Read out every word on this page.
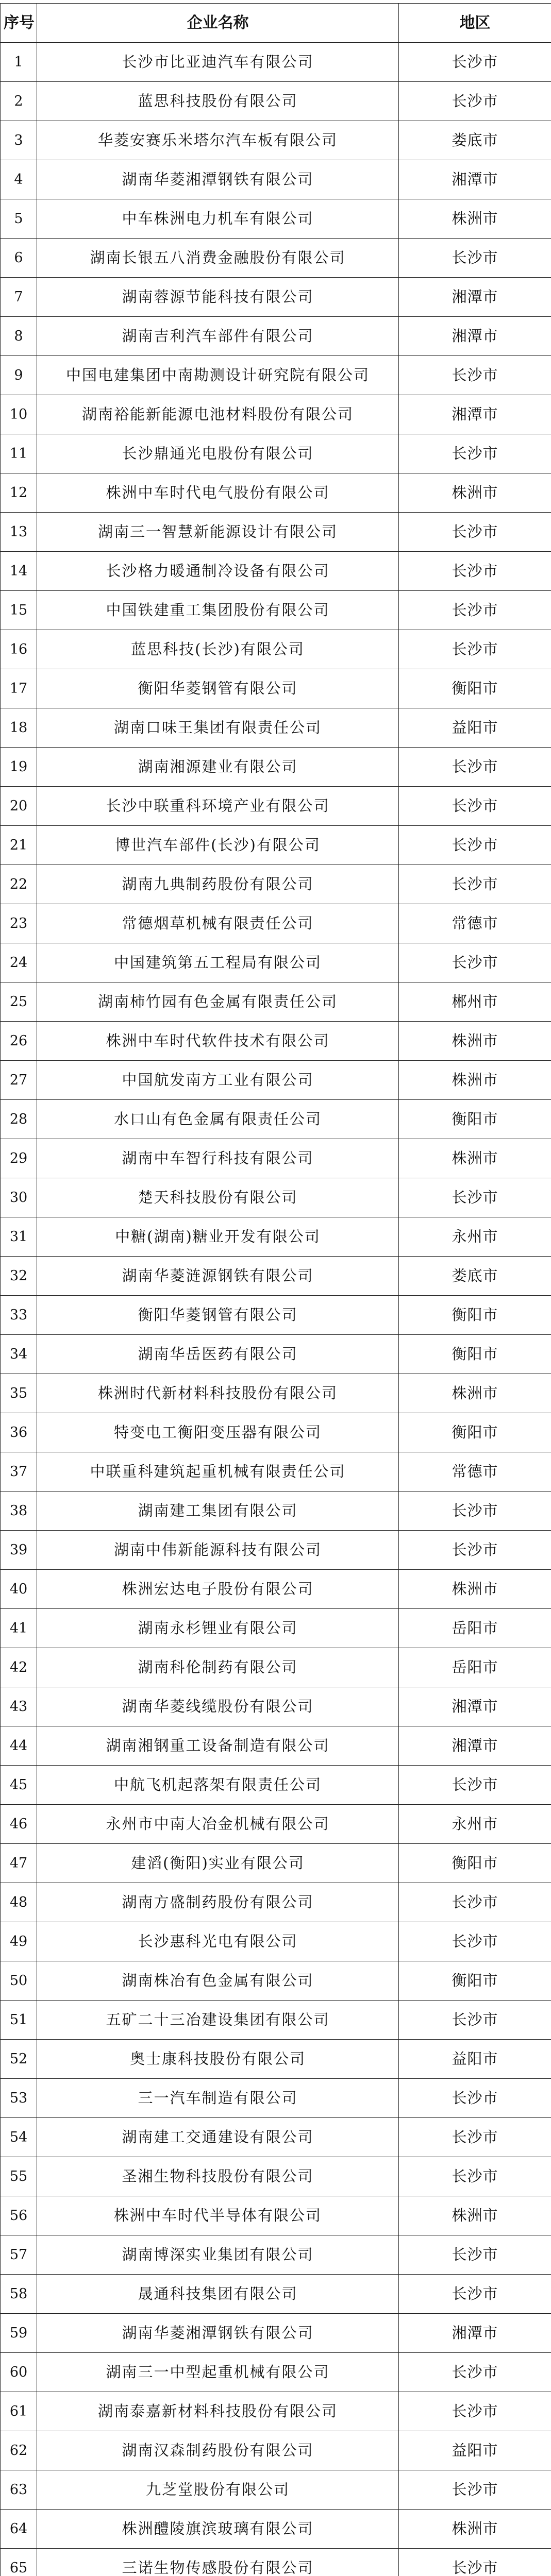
序号	企业名称	地区
1	长沙市比亚迪汽车有限公司	长沙市
2	蓝思科技股份有限公司	长沙市
3	华菱安赛乐米塔尔汽车板有限公司	娄底市
4	湖南华菱湘潭钢铁有限公司	湘潭市
5	中车株洲电力机车有限公司	株洲市
6	湖南长银五八消费金融股份有限公司	长沙市
7	湖南蓉源节能科技有限公司	湘潭市
8	湖南吉利汽车部件有限公司	湘潭市
9	中国电建集团中南勘测设计研究院有限公司	长沙市
10	湖南裕能新能源电池材料股份有限公司	湘潭市
11	长沙鼎通光电股份有限公司	长沙市
12	株洲中车时代电气股份有限公司	株洲市
13	湖南三一智慧新能源设计有限公司	长沙市
14	长沙格力暖通制冷设备有限公司	长沙市
15	中国铁建重工集团股份有限公司	长沙市
16	蓝思科技(长沙)有限公司	长沙市
17	衡阳华菱钢管有限公司	衡阳市
18	湖南口味王集团有限责任公司	益阳市
19	湖南湘源建业有限公司	长沙市
20	长沙中联重科环境产业有限公司	长沙市
21	博世汽车部件(长沙)有限公司	长沙市
22	湖南九典制药股份有限公司	长沙市
23	常德烟草机械有限责任公司	常德市
24	中国建筑第五工程局有限公司	长沙市
25	湖南柿竹园有色金属有限责任公司	郴州市
26	株洲中车时代软件技术有限公司	株洲市
27	中国航发南方工业有限公司	株洲市
28	水口山有色金属有限责任公司	衡阳市
29	湖南中车智行科技有限公司	株洲市
30	楚天科技股份有限公司	长沙市
31	中糖(湖南)糖业开发有限公司	永州市
32	湖南华菱涟源钢铁有限公司	娄底市
33	衡阳华菱钢管有限公司	衡阳市
34	湖南华岳医药有限公司	衡阳市
35	株洲时代新材料科技股份有限公司	株洲市
36	特变电工衡阳变压器有限公司	衡阳市
37	中联重科建筑起重机械有限责任公司	常德市
38	湖南建工集团有限公司	长沙市
39	湖南中伟新能源科技有限公司	长沙市
40	株洲宏达电子股份有限公司	株洲市
41	湖南永杉锂业有限公司	岳阳市
42	湖南科伦制药有限公司	岳阳市
43	湖南华菱线缆股份有限公司	湘潭市
44	湖南湘钢重工设备制造有限公司	湘潭市
45	中航飞机起落架有限责任公司	长沙市
46	永州市中南大冶金机械有限公司	永州市
47	建滔(衡阳)实业有限公司	衡阳市
48	湖南方盛制药股份有限公司	长沙市
49	长沙惠科光电有限公司	长沙市
50	湖南株冶有色金属有限公司	衡阳市
51	五矿二十三冶建设集团有限公司	长沙市
52	奥士康科技股份有限公司	益阳市
53	三一汽车制造有限公司	长沙市
54	湖南建工交通建设有限公司	长沙市
55	圣湘生物科技股份有限公司	长沙市
56	株洲中车时代半导体有限公司	株洲市
57	湖南博深实业集团有限公司	长沙市
58	晟通科技集团有限公司	长沙市
59	湖南华菱湘潭钢铁有限公司	湘潭市
60	湖南三一中型起重机械有限公司	长沙市
61	湖南泰嘉新材料科技股份有限公司	长沙市
62	湖南汉森制药股份有限公司	益阳市
63	九芝堂股份有限公司	长沙市
64	株洲醴陵旗滨玻璃有限公司	株洲市
65	三诺生物传感股份有限公司	长沙市
